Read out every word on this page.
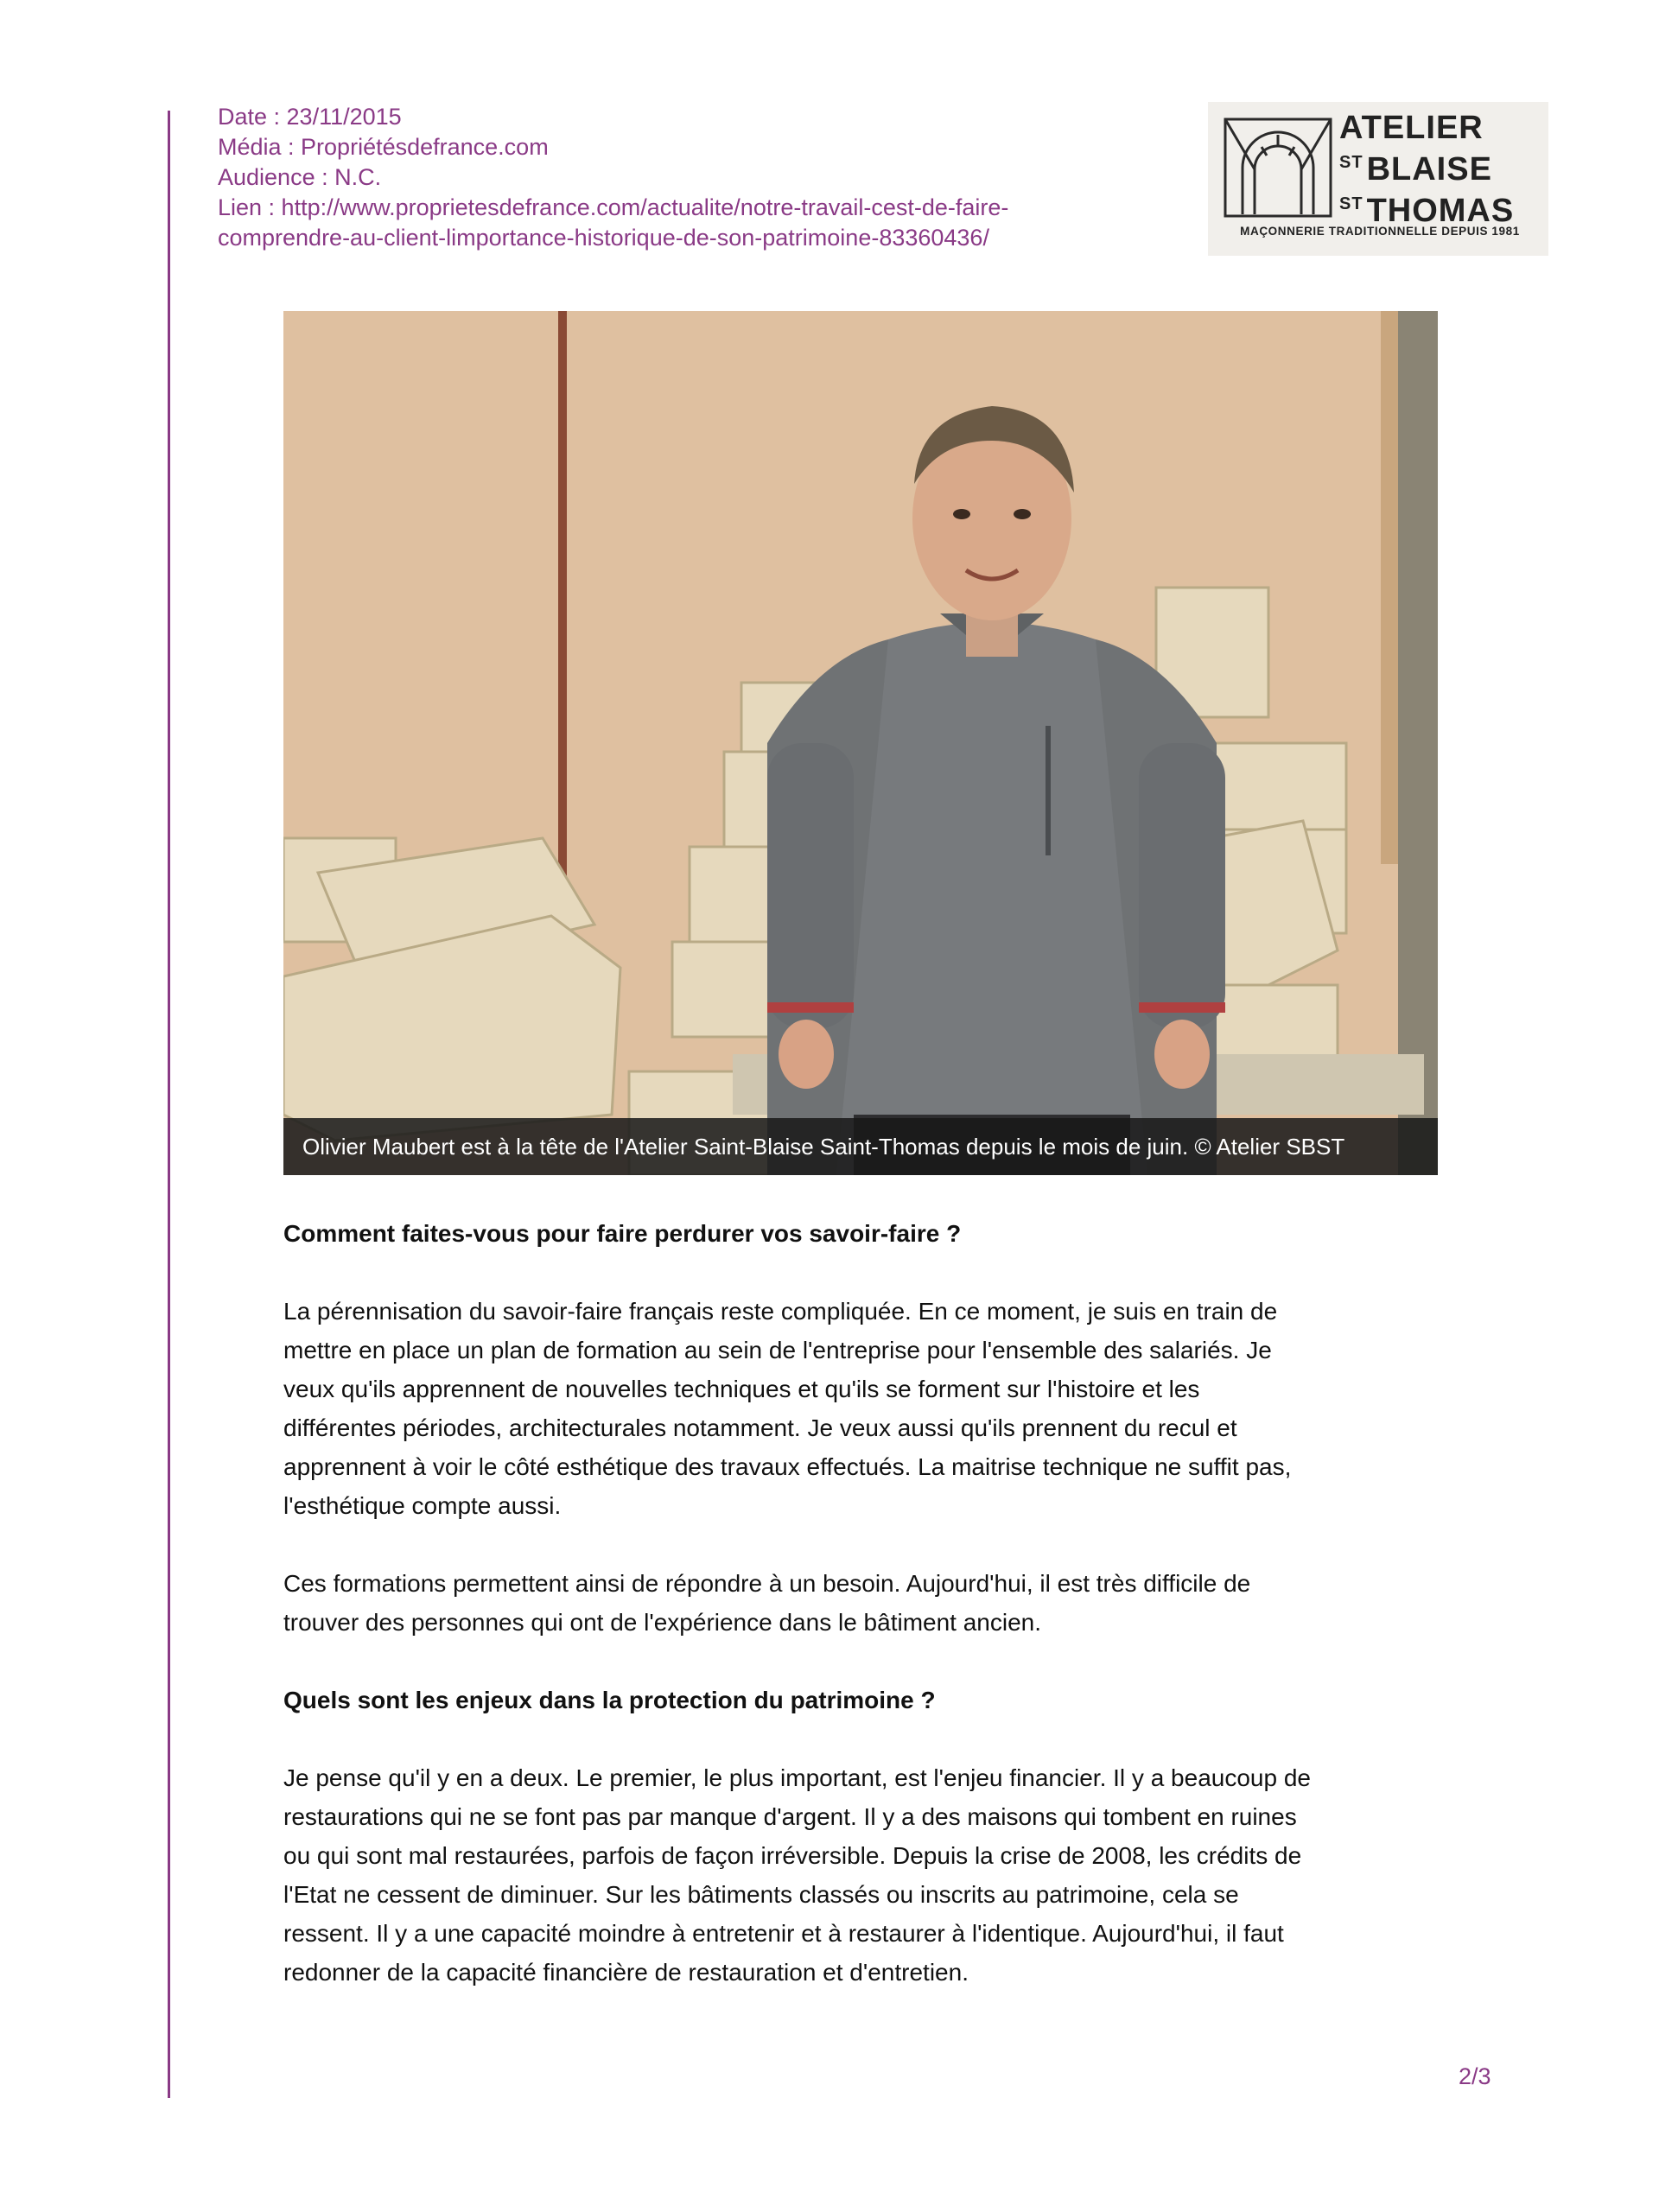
Date : 23/11/2015
Média : Propriétésdefrance.com
Audience : N.C.
Lien : http://www.proprietesdefrance.com/actualite/notre-travail-cest-de-faire-
comprendre-au-client-limportance-historique-de-son-patrimoine-83360436/
ATELIER
$^{ST}$ BLAISE
$^{ST}$ THOMAS
MAÇONNERIE TRADITIONNELLE DEPUIS 1981
Olivier Maubert est à la tête de l'Atelier Saint-Blaise Saint-Thomas depuis le mois de juin. © Atelier SBST
Comment faites-vous pour faire perdurer vos savoir-faire ?

La pérennisation du savoir-faire français reste compliquée. En ce moment, je suis en train de
mettre en place un plan de formation au sein de l'entreprise pour l'ensemble des salariés. Je
veux qu'ils apprennent de nouvelles techniques et qu'ils se forment sur l'histoire et les
différentes périodes, architecturales notamment. Je veux aussi qu'ils prennent du recul et
apprennent à voir le côté esthétique des travaux effectués. La maitrise technique ne suffit pas,
l'esthétique compte aussi.

Ces formations permettent ainsi de répondre à un besoin. Aujourd'hui, il est très difficile de
trouver des personnes qui ont de l'expérience dans le bâtiment ancien.

Quels sont les enjeux dans la protection du patrimoine ?

Je pense qu'il y en a deux. Le premier, le plus important, est l'enjeu financier. Il y a beaucoup de
restaurations qui ne se font pas par manque d'argent. Il y a des maisons qui tombent en ruines
ou qui sont mal restaurées, parfois de façon irréversible. Depuis la crise de 2008, les crédits de
l'Etat ne cessent de diminuer. Sur les bâtiments classés ou inscrits au patrimoine, cela se
ressent. Il y a une capacité moindre à entretenir et à restaurer à l'identique. Aujourd'hui, il faut
redonner de la capacité financière de restauration et d'entretien.

2/3
